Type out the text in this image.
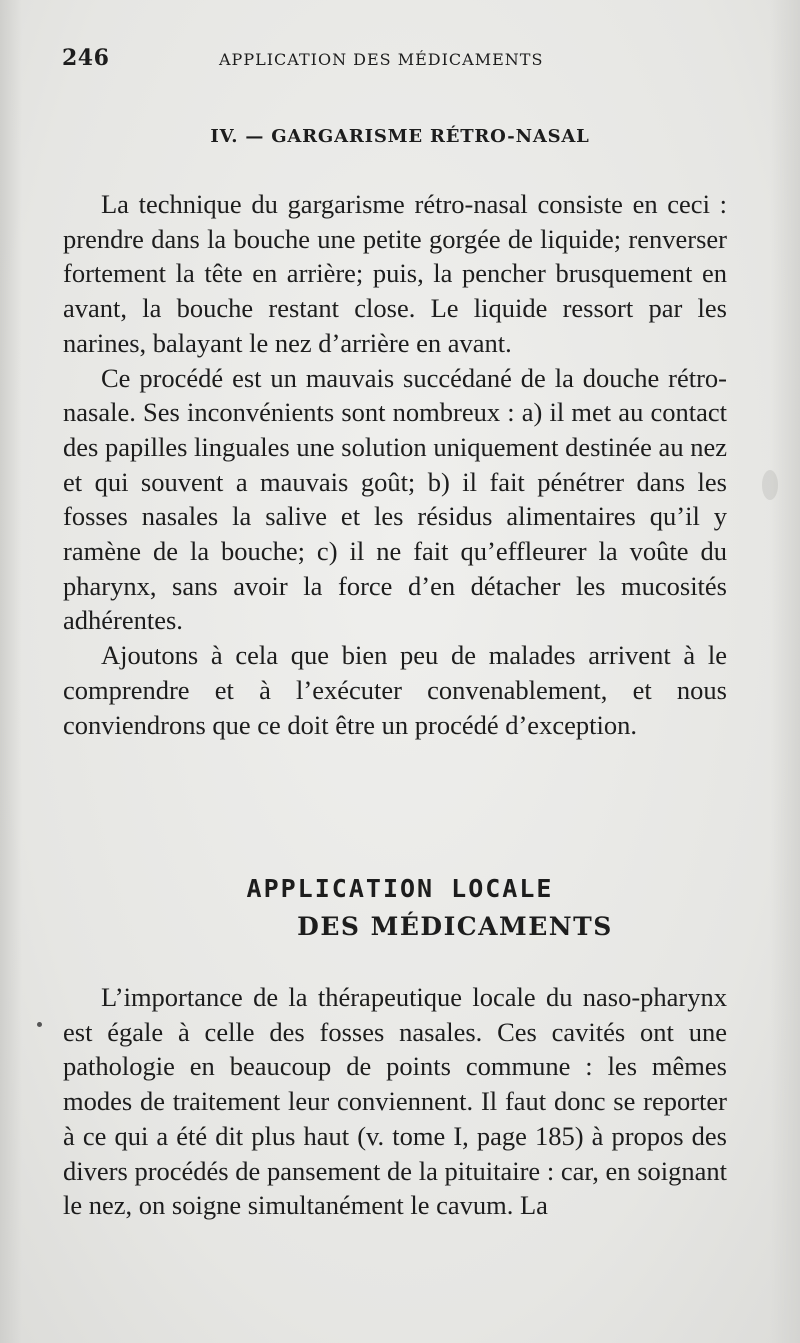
246	APPLICATION DES MÉDICAMENTS
IV. — GARGARISME RÉTRO-NASAL

La technique du gargarisme rétro-nasal consiste en ceci : prendre dans la bouche une petite gorgée de liquide; renverser fortement la tête en arrière; puis, la pencher brusquement en avant, la bouche restant close. Le liquide ressort par les narines, balayant le nez d’arrière en avant.

Ce procédé est un mauvais succédané de la douche rétro-nasale. Ses inconvénients sont nombreux : a) il met au contact des papilles linguales une solution uniquement destinée au nez et qui souvent a mauvais goût; b) il fait pénétrer dans les fosses nasales la salive et les résidus alimentaires qu’il y ramène de la bouche; c) il ne fait qu’effleurer la voûte du pharynx, sans avoir la force d’en détacher les mucosités adhérentes.

Ajoutons à cela que bien peu de malades arrivent à le comprendre et à l’exécuter convenablement, et nous conviendrons que ce doit être un procédé d’exception.

APPLICATION LOCALE
DES MÉDICAMENTS

L’importance de la thérapeutique locale du naso-pharynx est égale à celle des fosses nasales. Ces cavités ont une pathologie en beaucoup de points commune : les mêmes modes de traitement leur conviennent. Il faut donc se reporter à ce qui a été dit plus haut (v. tome I, page 185) à propos des divers procédés de pansement de la pituitaire : car, en soignant le nez, on soigne simultanément le cavum. La
